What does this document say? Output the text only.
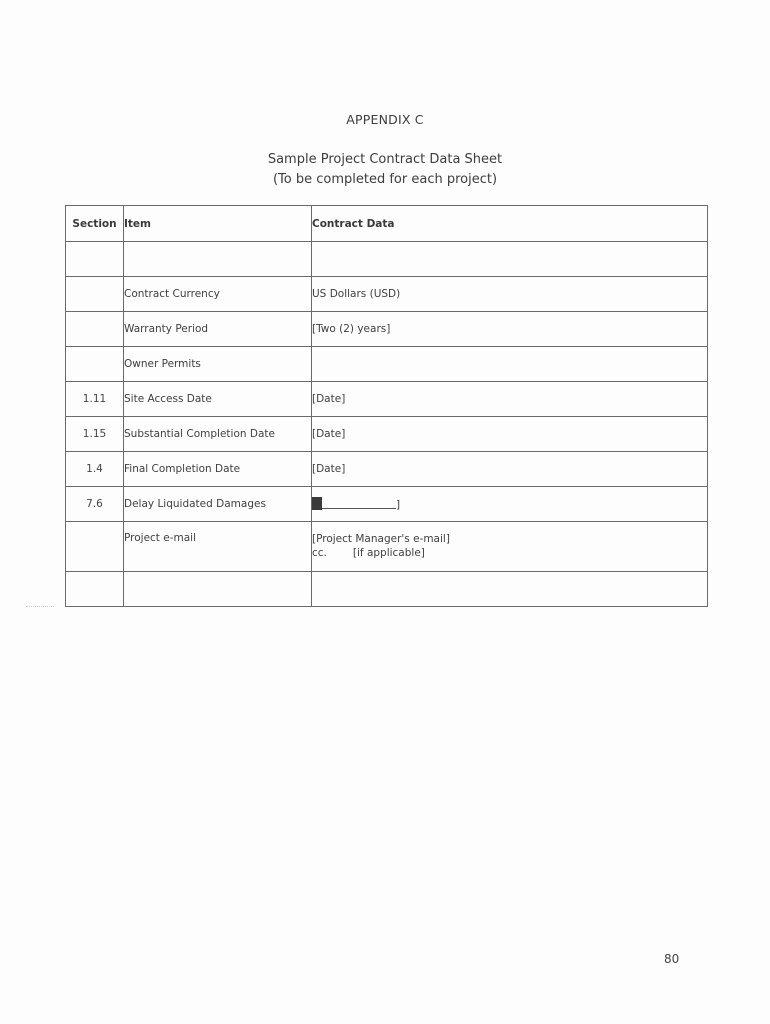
APPENDIX C
Sample Project Contract Data Sheet
(To be completed for each project)
Section	Item	Contract Data

	Contract Currency	US Dollars (USD)
	Warranty Period	[Two (2) years]
	Owner Permits	
1.11	Site Access Date	[Date]
1.15	Substantial Completion Date	[Date]
1.4	Final Completion Date	[Date]
7.6	Delay Liquidated Damages	]
	Project e-mail	[Project Manager's e-mail]
cc. [if applicable]

80
